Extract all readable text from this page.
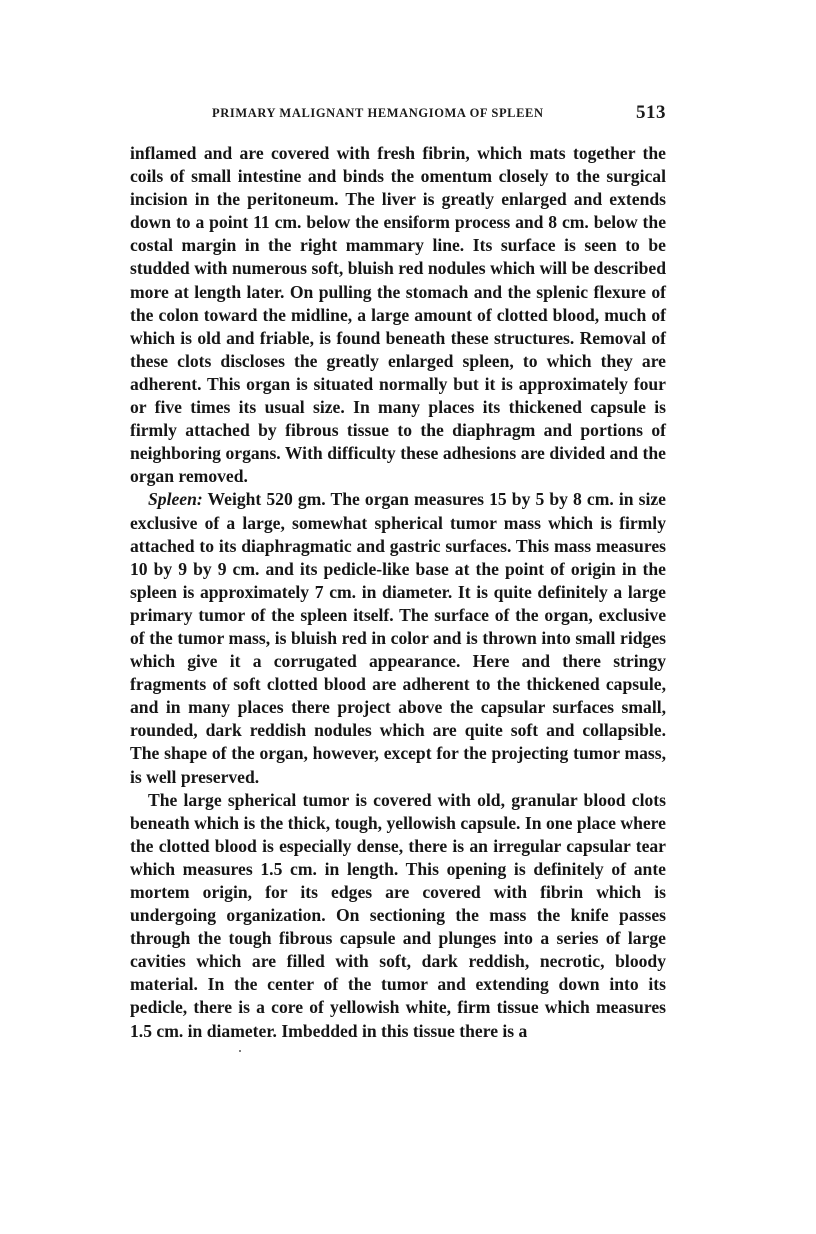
PRIMARY MALIGNANT HEMANGIOMA OF SPLEEN	513

inflamed and are covered with fresh fibrin, which mats together the coils of small intestine and binds the omentum closely to the surgical incision in the peritoneum. The liver is greatly enlarged and extends down to a point 11 cm. below the ensiform process and 8 cm. below the costal margin in the right mammary line. Its surface is seen to be studded with numerous soft, bluish red nodules which will be described more at length later. On pulling the stomach and the splenic flexure of the colon toward the midline, a large amount of clotted blood, much of which is old and friable, is found beneath these structures. Removal of these clots discloses the greatly enlarged spleen, to which they are adherent. This organ is situated normally but it is approximately four or five times its usual size. In many places its thickened capsule is firmly attached by fibrous tissue to the diaphragm and portions of neighboring organs. With difficulty these adhesions are divided and the organ removed.

Spleen: Weight 520 gm. The organ measures 15 by 5 by 8 cm. in size exclusive of a large, somewhat spherical tumor mass which is firmly attached to its diaphragmatic and gastric surfaces. This mass measures 10 by 9 by 9 cm. and its pedicle-like base at the point of origin in the spleen is approximately 7 cm. in diameter. It is quite definitely a large primary tumor of the spleen itself. The surface of the organ, exclusive of the tumor mass, is bluish red in color and is thrown into small ridges which give it a corrugated appearance. Here and there stringy fragments of soft clotted blood are adherent to the thickened capsule, and in many places there project above the capsular surfaces small, rounded, dark reddish nodules which are quite soft and collapsible. The shape of the organ, however, except for the projecting tumor mass, is well preserved.

The large spherical tumor is covered with old, granular blood clots beneath which is the thick, tough, yellowish capsule. In one place where the clotted blood is especially dense, there is an irregular capsular tear which measures 1.5 cm. in length. This opening is definitely of ante mortem origin, for its edges are covered with fibrin which is undergoing organization. On sectioning the mass the knife passes through the tough fibrous capsule and plunges into a series of large cavities which are filled with soft, dark reddish, necrotic, bloody material. In the center of the tumor and extending down into its pedicle, there is a core of yellowish white, firm tissue which measures 1.5 cm. in diameter. Imbedded in this tissue there is a
